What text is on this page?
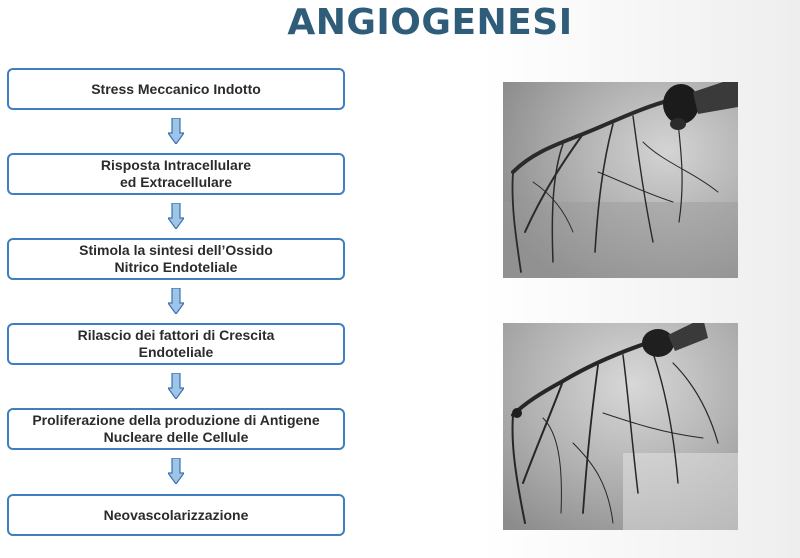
ANGIOGENESI
Stress Meccanico Indotto
Risposta Intracellulare
ed Extracellulare
Stimola la sintesi dell’Ossido
Nitrico Endoteliale
Rilascio dei fattori di Crescita
Endoteliale
Proliferazione della produzione di Antigene
Nucleare delle Cellule
Neovascolarizzazione
